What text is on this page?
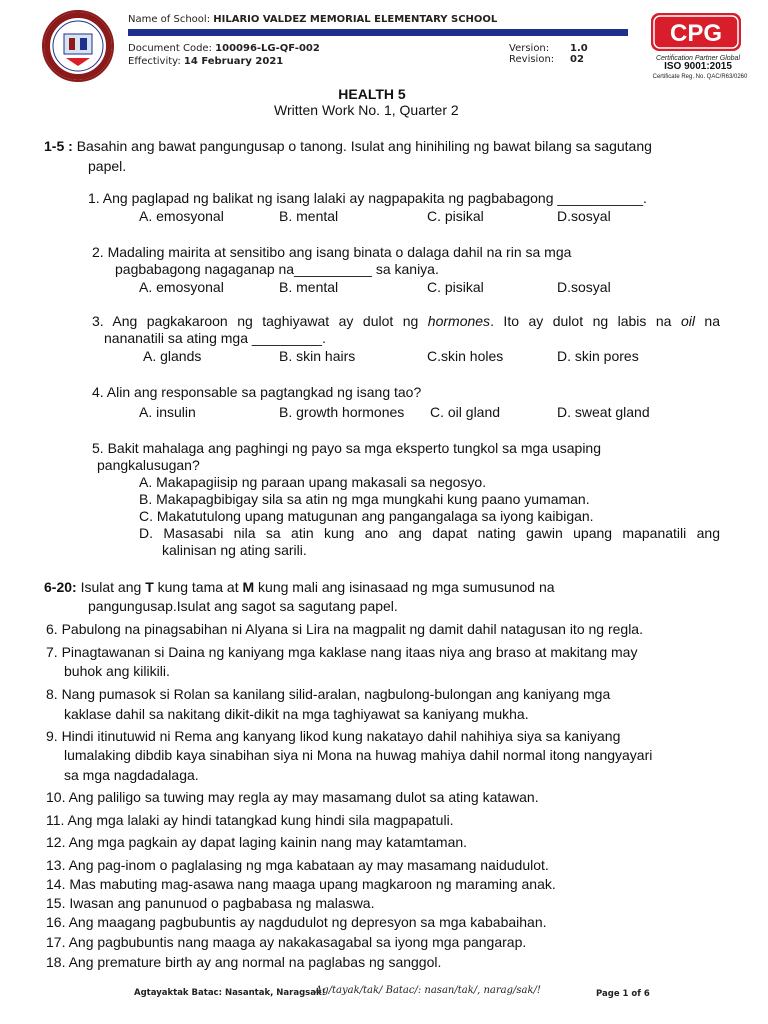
Name of School: HILARIO VALDEZ MEMORIAL ELEMENTARY SCHOOL
Document Code: 100096-LG-QF-002
Effectivity: 14 February 2021
Version: 1.0
Revision: 02
CPG
Certification Partner Global
ISO 9001:2015
Certificate Reg. No. QAC/R63/0260
HEALTH 5
Written Work No. 1, Quarter 2
1-5 : Basahin ang bawat pangungusap o tanong. Isulat ang hinihiling ng bawat bilang sa sagutang
papel.
1. Ang paglapad ng balikat ng isang lalaki ay nagpapakita ng pagbabagong ___________.
A. emosyonal	B. mental	C. pisikal	D.sosyal
2. Madaling mairita at sensitibo ang isang binata o dalaga dahil na rin sa mga
pagbabagong nagaganap na__________ sa kaniya.
A. emosyonal	B. mental	C. pisikal	D.sosyal
3. Ang pagkakaroon ng taghiyawat ay dulot ng hormones. Ito ay dulot ng labis na oil na
nananatili sa ating mga _________.
A. glands	B. skin hairs	C.skin holes	D. skin pores
4. Alin ang responsable sa pagtangkad ng isang tao?
A. insulin	B. growth hormones C. oil gland	D. sweat gland
5. Bakit mahalaga ang paghingi ng payo sa mga eksperto tungkol sa mga usaping
pangkalusugan?
A. Makapagiisip ng paraan upang makasali sa negosyo.
B. Makapagbibigay sila sa atin ng mga mungkahi kung paano yumaman.
C. Makatutulong upang matugunan ang pangangalaga sa iyong kaibigan.
D. Masasabi nila sa atin kung ano ang dapat nating gawin upang mapanatili ang
kalinisan ng ating sarili.
6-20: Isulat ang T kung tama at M kung mali ang isinasaad ng mga sumusunod na
pangungusap.Isulat ang sagot sa sagutang papel.
6. Pabulong na pinagsabihan ni Alyana si Lira na magpalit ng damit dahil natagusan ito ng regla.
7. Pinagtawanan si Daina ng kaniyang mga kaklase nang itaas niya ang braso at makitang may
buhok ang kilikili.
8. Nang pumasok si Rolan sa kanilang silid-aralan, nagbulong-bulongan ang kaniyang mga
kaklase dahil sa nakitang dikit-dikit na mga taghiyawat sa kaniyang mukha.
9. Hindi itinutuwid ni Rema ang kanyang likod kung nakatayo dahil nahihiya siya sa kaniyang
lumalaking dibdib kaya sinabihan siya ni Mona na huwag mahiya dahil normal itong nangyayari
sa mga nagdadalaga.
10. Ang paliligo sa tuwing may regla ay may masamang dulot sa ating katawan.
11. Ang mga lalaki ay hindi tatangkad kung hindi sila magpapatuli.
12. Ang mga pagkain ay dapat laging kainin nang may katamtaman.
13. Ang pag-inom o paglalasing ng mga kabataan ay may masamang naidudulot.
14. Mas mabuting mag-asawa nang maaga upang magkaroon ng maraming anak.
15. Iwasan ang panunuod o pagbabasa ng malaswa.
16. Ang maagang pagbubuntis ay nagdudulot ng depresyon sa mga kababaihan.
17. Ang pagbubuntis nang maaga ay nakakasagabal sa iyong mga pangarap.
18. Ang premature birth ay ang normal na paglabas ng sanggol.
Agtayaktak Batac: Nasantak, Naragsak!
Ag/tayak/tak/ Batac/: nasan/tak/, narag/sak/!	Page 1 of 6
